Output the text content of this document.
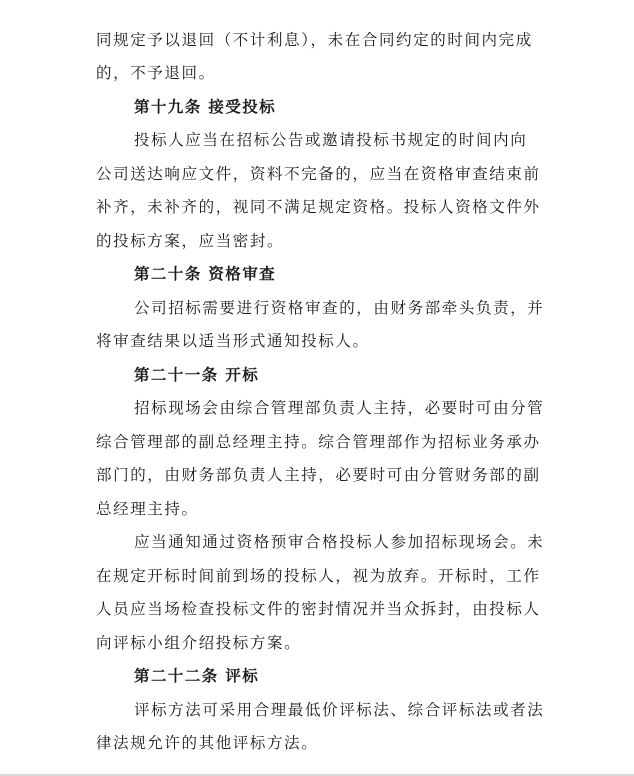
同规定予以退回（不计利息），未在合同约定的时间内完成
的，不予退回。
第十九条 接受投标
投标人应当在招标公告或邀请投标书规定的时间内向
公司送达响应文件，资料不完备的，应当在资格审查结束前
补齐，未补齐的，视同不满足规定资格。投标人资格文件外
的投标方案，应当密封。
第二十条 资格审查
公司招标需要进行资格审查的，由财务部牵头负责，并
将审查结果以适当形式通知投标人。
第二十一条 开标
招标现场会由综合管理部负责人主持，必要时可由分管
综合管理部的副总经理主持。综合管理部作为招标业务承办
部门的，由财务部负责人主持，必要时可由分管财务部的副
总经理主持。
应当通知通过资格预审合格投标人参加招标现场会。未
在规定开标时间前到场的投标人，视为放弃。开标时，工作
人员应当场检查投标文件的密封情况并当众拆封，由投标人
向评标小组介绍投标方案。
第二十二条 评标
评标方法可采用合理最低价评标法、综合评标法或者法
律法规允许的其他评标方法。
